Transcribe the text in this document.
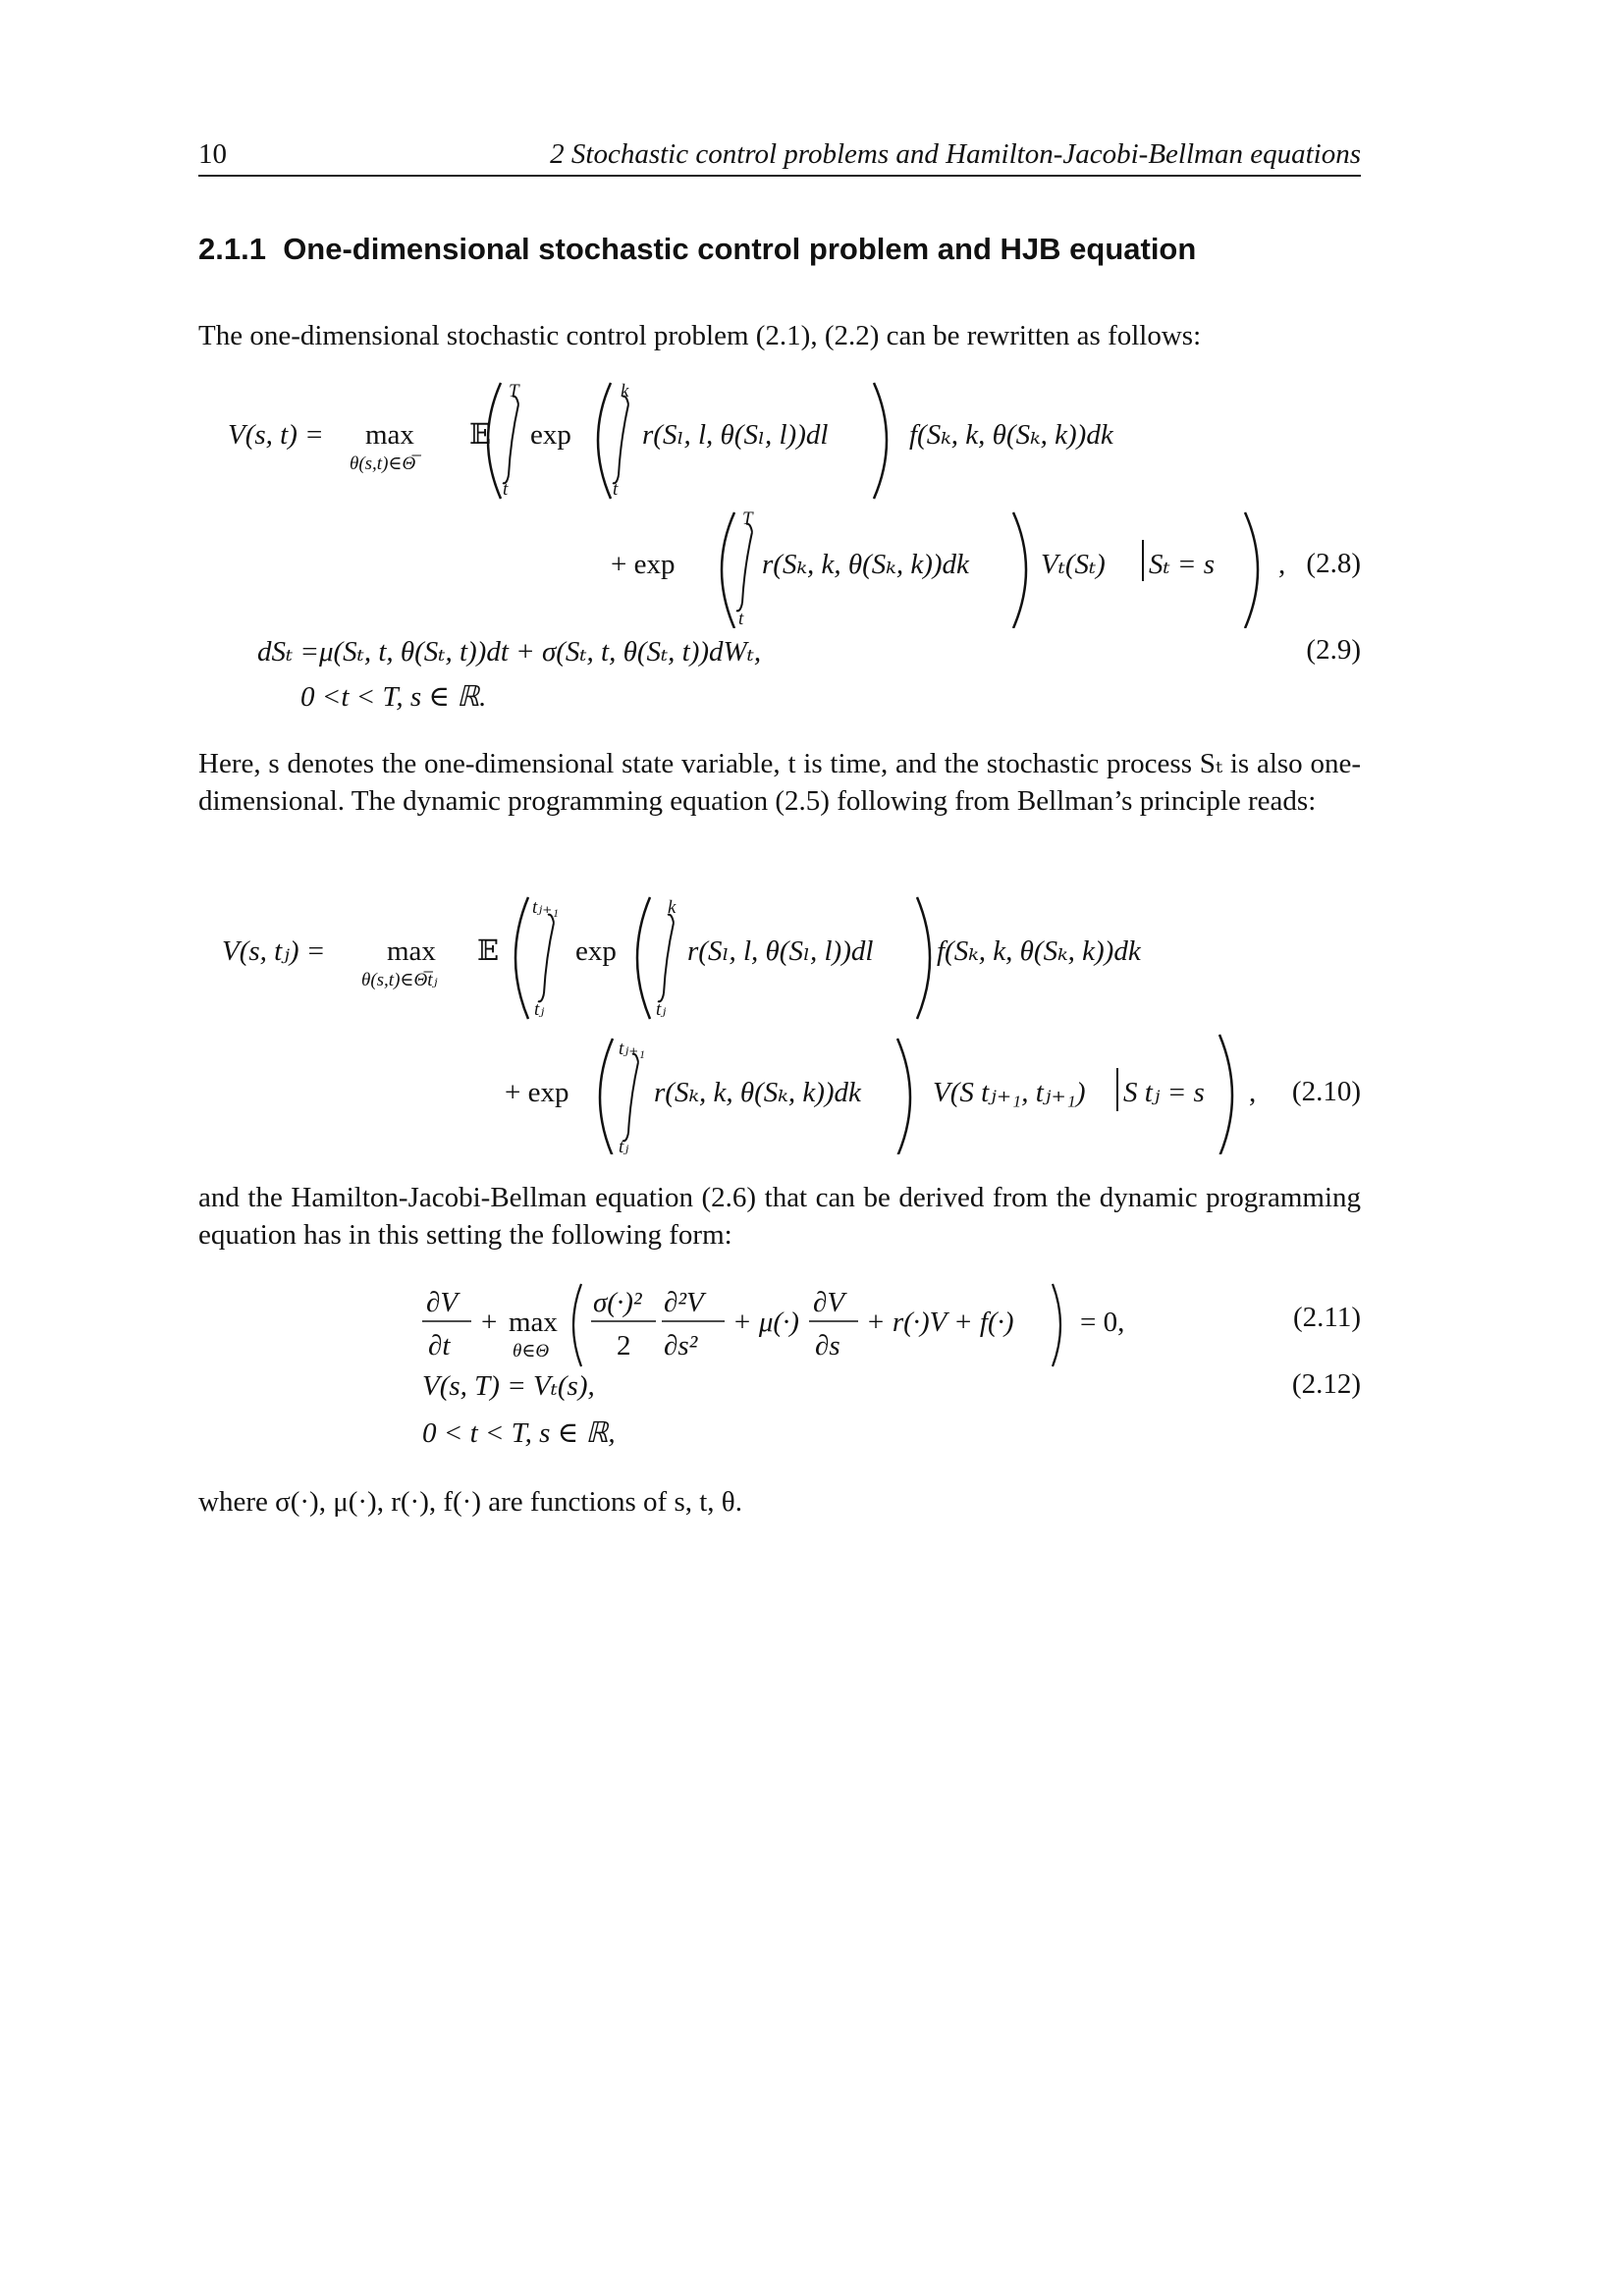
10	2 Stochastic control problems and Hamilton-Jacobi-Bellman equations
2.1.1 One-dimensional stochastic control problem and HJB equation
The one-dimensional stochastic control problem (2.1), (2.2) can be rewritten as follows:
V(s, t) = max
θ(s,t)∈Θ̅
𝔼
T
t
exp
k
t
r(Sₗ, l, θ(Sₗ, l))dl	f(Sₖ, k, θ(Sₖ, k))dk
+ exp
T
t
r(Sₖ, k, θ(Sₖ, k))dk	Vₜ(Sₜ) Sₜ = s , (2.8)
dSₜ =μ(Sₜ, t, θ(Sₜ, t))dt + σ(Sₜ, t, θ(Sₜ, t))dWₜ,	(2.9)
0 <t < T, s ∈ ℝ.
Here, s denotes the one-dimensional state variable, t is time, and the stochastic process Sₜ is also one-dimensional. The dynamic programming equation (2.5) following from Bellman’s principle reads:
V(s, tⱼ) = max
θ(s,t)∈Θ̅tⱼ
𝔼
tⱼ₊₁
tⱼ
exp
k
tⱼ
r(Sₗ, l, θ(Sₗ, l))dl f(Sₖ, k, θ(Sₖ, k))dk
+ exp
tⱼ₊₁
tⱼ
r(Sₖ, k, θ(Sₖ, k))dk	V(S tⱼ₊₁, tⱼ₊₁) S tⱼ = s , (2.10)
and the Hamilton-Jacobi-Bellman equation (2.6) that can be derived from the dynamic programming equation has in this setting the following form:
∂V
∂t
+ max
θ∈Θ
σ(·)²
2
∂²V
∂s²
+ μ(·)
∂V
∂s
+ r(·)V + f(·) = 0,	(2.11)
V(s, T) = Vₜ(s),	(2.12)
0 < t < T, s ∈ ℝ,
where σ(·), μ(·), r(·), f(·) are functions of s, t, θ.
